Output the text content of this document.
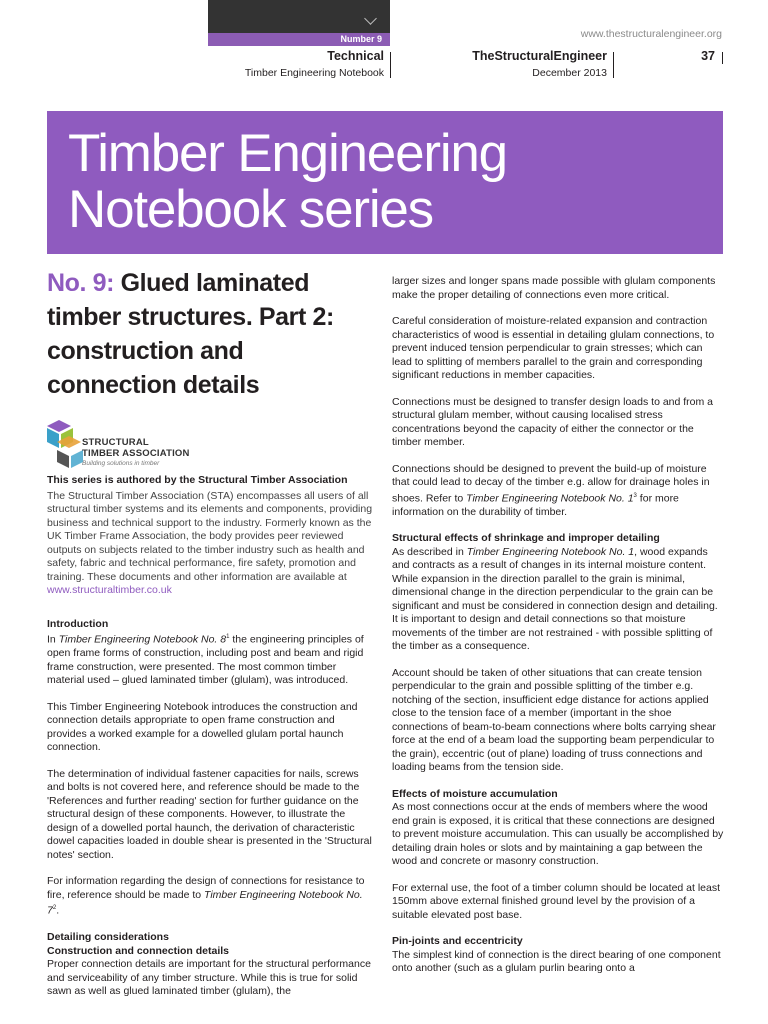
Number 9	www.thestructuralengineer.org
Technical
Timber Engineering Notebook
TheStructuralEngineer
December 2013
37
Timber Engineering
Notebook series
No. 9: Glued laminated timber structures. Part 2: construction and connection details
STRUCTURAL
TIMBER ASSOCIATION
Building solutions in timber

This series is authored by the Structural Timber Association

The Structural Timber Association (STA) encompasses all users of all structural timber systems and its elements and components, providing business and technical support to the industry. Formerly known as the UK Timber Frame Association, the body provides peer reviewed outputs on subjects related to the timber industry such as health and safety, fabric and technical performance, fire safety, promotion and training. These documents and other information are available at www.structuraltimber.co.uk

Introduction

In Timber Engineering Notebook No. $8^1$ the engineering principles of open frame forms of construction, including post and beam and rigid frame construction, were presented. The most common timber material used – glued laminated timber (glulam), was introduced.

This Timber Engineering Notebook introduces the construction and connection details appropriate to open frame construction and provides a worked example for a dowelled glulam portal haunch connection.

The determination of individual fastener capacities for nails, screws and bolts is not covered here, and reference should be made to the 'References and further reading' section for further guidance on the structural design of these components. However, to illustrate the design of a dowelled portal haunch, the derivation of characteristic dowel capacities loaded in double shear is presented in the 'Structural notes' section.

For information regarding the design of connections for resistance to fire, reference should be made to Timber Engineering Notebook No. $7^2$.

Detailing considerations

Construction and connection details

Proper connection details are important for the structural performance and serviceability of any timber structure. While this is true for solid sawn as well as glued laminated timber (glulam), the

larger sizes and longer spans made possible with glulam components make the proper detailing of connections even more critical.

Careful consideration of moisture-related expansion and contraction characteristics of wood is essential in detailing glulam connections, to prevent induced tension perpendicular to grain stresses; which can lead to splitting of members parallel to the grain and corresponding significant reductions in member capacities.

Connections must be designed to transfer design loads to and from a structural glulam member, without causing localised stress concentrations beyond the capacity of either the connector or the timber member.

Connections should be designed to prevent the build-up of moisture that could lead to decay of the timber e.g. allow for drainage holes in shoes. Refer to Timber Engineering Notebook No. $1^3$ for more information on the durability of timber.

Structural effects of shrinkage and improper detailing

As described in Timber Engineering Notebook No. 1, wood expands and contracts as a result of changes in its internal moisture content. While expansion in the direction parallel to the grain is minimal, dimensional change in the direction perpendicular to the grain can be significant and must be considered in connection design and detailing. It is important to design and detail connections so that moisture movements of the timber are not restrained - with possible splitting of the timber as a consequence.

Account should be taken of other situations that can create tension perpendicular to the grain and possible splitting of the timber e.g. notching of the section, insufficient edge distance for actions applied close to the tension face of a member (important in the shoe connections of beam-to-beam connections where bolts carrying shear force at the end of a beam load the supporting beam perpendicular to the grain), eccentric (out of plane) loading of truss connections and loading beams from the tension side.

Effects of moisture accumulation

As most connections occur at the ends of members where the wood end grain is exposed, it is critical that these connections are designed to prevent moisture accumulation. This can usually be accomplished by detailing drain holes or slots and by maintaining a gap between the wood and concrete or masonry construction.

For external use, the foot of a timber column should be located at least 150mm above external finished ground level by the provision of a suitable elevated post base.

Pin-joints and eccentricity

The simplest kind of connection is the direct bearing of one component onto another (such as a glulam purlin bearing onto a
